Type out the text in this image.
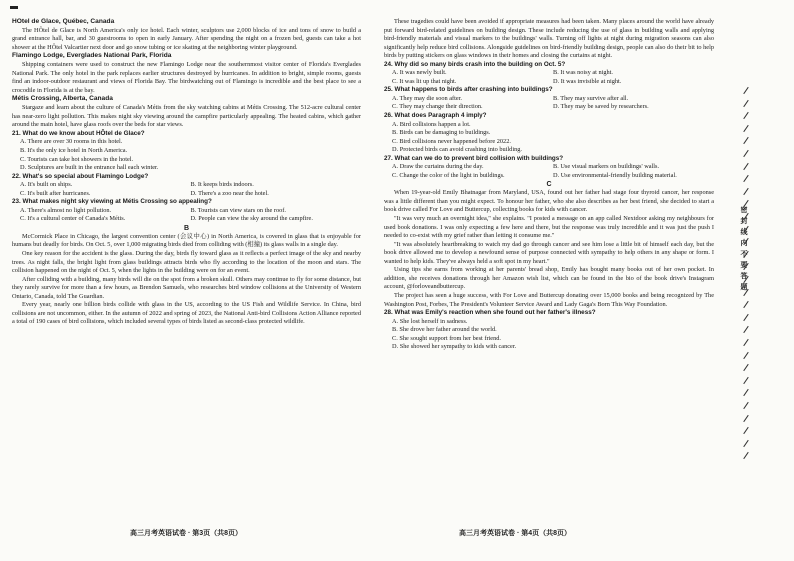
HÔtel de Glace, Québec, Canada

The HÔtel de Glace is North America's only ice hotel. Each winter, sculptors use 2,000 blocks of ice and tons of snow to build a grand entrance hall, bar, and 30 guestrooms to open in early January. After spending the night on a frozen bed, guests can take a hot shower at the HÔtel Valcartier next door and go snow tubing or ice skating at the neighboring winter playground.

Flamingo Lodge, Everglades National Park, Florida

Shipping containers were used to construct the new Flamingo Lodge near the southernmost visitor center of Florida's Everglades National Park. The only hotel in the park replaces earlier structures destroyed by hurricanes. In addition to bright, simple rooms, guests find an indoor-outdoor restaurant and views of Florida Bay. The birdwatching out of Flamingo is incredible and the best place to see a crocodile in Florida is at the bay.

Métis Crossing, Alberta, Canada

Stargaze and learn about the culture of Canada's Métis from the sky watching cabins at Métis Crossing. The 512-acre cultural center has near-zero light pollution. This makes night sky viewing around the campfire particularly appealing. The heated cabins, which gather around the main hotel, have glass roofs over the beds for star views.

21. What do we know about HÔtel de Glace?

A. There are over 30 rooms in this hotel.
B. It's the only ice hotel in North America.
C. Tourists can take hot showers in the hotel.
D. Sculptures are built in the entrance hall each winter.

22. What's so special about Flamingo Lodge?

A. It's built on ships.	B. It keeps birds indoors.
C. It's built after hurricanes.	D. There's a zoo near the hotel.

23. What makes night sky viewing at Métis Crossing so appealing?

A. There's almost no light pollution.	B. Tourists can view stars on the roof.
C. It's a cultural center of Canada's Métis.	D. People can view the sky around the campfire.

B

McCormick Place in Chicago, the largest convention center (会议中心) in North America, is covered in glass that is enjoyable for humans but deadly for birds. On Oct. 5, over 1,000 migrating birds died from colliding with (相撞) its glass walls in a single day.

One key reason for the accident is the glass. During the day, birds fly toward glass as it reflects a perfect image of the sky and nearby trees. As night falls, the bright light from glass buildings attracts birds who fly according to the location of the moon and stars. The collision happened on the night of Oct. 5, when the lights in the building were on for an event.

After colliding with a building, many birds will die on the spot from a broken skull. Others may continue to fly for some distance, but they rarely survive for more than a few hours, as Brendon Samuels, who researches bird window collisions at the University of Western Ontario, Canada, told The Guardian.

Every year, nearly one billion birds collide with glass in the US, according to the US Fish and Wildlife Service. In China, bird collisions are not uncommon, either. In the autumn of 2022 and spring of 2023, the National Anti-bird Collisions Action Alliance reported a total of 190 cases of bird collisions, which included several types of birds listed as second-class protected wildlife.

These tragedies could have been avoided if appropriate measures had been taken. Many places around the world have already put forward bird-related guidelines on building design. These include reducing the use of glass in building walls and applying bird-friendly materials and visual markers to the buildings' walls. Turning off lights at night during migration seasons can also significantly help reduce bird collisions. Alongside guidelines on bird-friendly building design, people can also do their bit to help birds by putting stickers on glass windows in their homes and closing the curtains at night.

24. Why did so many birds crash into the building on Oct. 5?

A. It was newly built.	B. It was noisy at night.
C. It was lit up that night.	D. It was invisible at night.

25. What happens to birds after crashing into buildings?

A. They may die soon after.	B. They may survive after all.
C. They may change their direction.	D. They may be saved by researchers.

26. What does Paragraph 4 imply?

A. Bird collisions happen a lot.
B. Birds can be damaging to buildings.
C. Bird collisions never happened before 2022.
D. Protected birds can avoid crashing into building.

27. What can we do to prevent bird collision with buildings?

A. Draw the curtains during the day.	B. Use visual markers on buildings' walls.
C. Change the color of the light in buildings.	D. Use environmental-friendly building material.

C

When 19-year-old Emily Bhatnagar from Maryland, USA, found out her father had stage four thyroid cancer, her response was a little different than you might expect. To honour her father, who she also describes as her best friend, she decided to start a book drive called For Love and Buttercup, collecting books for kids with cancer.

"It was very much an overnight idea," she explains. "I posted a message on an app called Nextdoor asking my neighbours for used book donations. I was only expecting a few here and there, but the response was truly incredible and it was just the push I needed to co-exist with my grief rather than letting it consume me."

"It was absolutely heartbreaking to watch my dad go through cancer and see him lose a little bit of himself each day, but the book drive allowed me to develop a newfound sense of purpose connected with sympathy to help others in any shape or form. I wanted to help kids. They've always held a soft spot in my heart."

Using tips she earns from working at her parents' bread shop, Emily has bought many books out of her own pocket. In addition, she receives donations through her Amazon wish list, which can be found in the bio of the book drive's Instagram account, @forloveandbuttercup.

The project has seen a huge success, with For Love and Buttercup donating over 15,000 books and being recognized by The Washington Post, Forbes, The President's Volunteer Service Award and Lady Gaga's Born This Way Foundation.

28. What was Emily's reaction when she found out her father's illness?

A. She lost herself in sadness.
B. She drove her father around the world.
C. She sought support from her best friend.
D. She showed her sympathy to kids with cancer.
高三月考英语试卷 · 第3页（共8页）	高三月考英语试卷 · 第4页（共8页）
密封线内不要答题
